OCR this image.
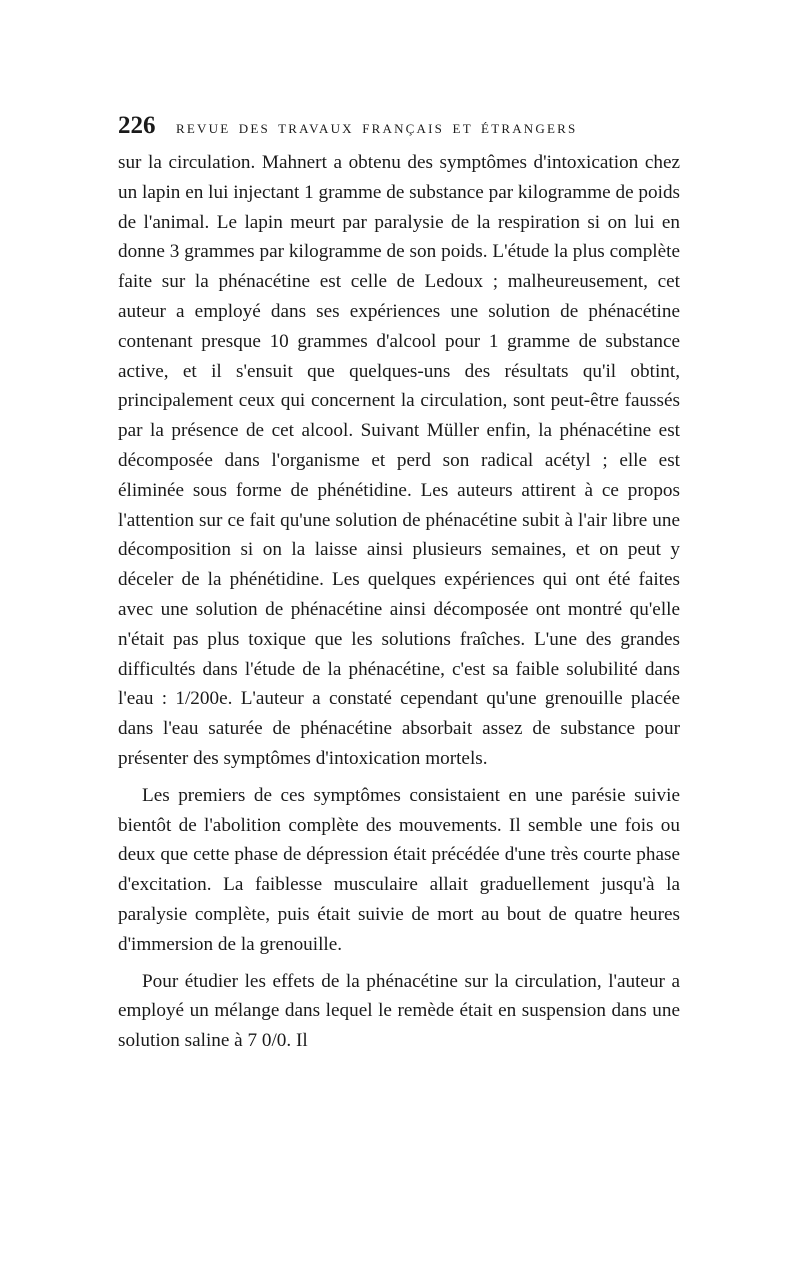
226	REVUE DES TRAVAUX FRANÇAIS ET ÉTRANGERS

sur la circulation. Mahnert a obtenu des symptômes d'intoxication chez un lapin en lui injectant 1 gramme de substance par kilogramme de poids de l'animal. Le lapin meurt par paralysie de la respiration si on lui en donne 3 grammes par kilogramme de son poids. L'étude la plus complète faite sur la phénacétine est celle de Ledoux ; malheureusement, cet auteur a employé dans ses expériences une solution de phénacétine contenant presque 10 grammes d'alcool pour 1 gramme de substance active, et il s'ensuit que quelques-uns des résultats qu'il obtint, principalement ceux qui concernent la circulation, sont peut-être faussés par la présence de cet alcool. Suivant Müller enfin, la phénacétine est décomposée dans l'organisme et perd son radical acétyl ; elle est éliminée sous forme de phénétidine. Les auteurs attirent à ce propos l'attention sur ce fait qu'une solution de phénacétine subit à l'air libre une décomposition si on la laisse ainsi plusieurs semaines, et on peut y déceler de la phénétidine. Les quelques expériences qui ont été faites avec une solution de phénacétine ainsi décomposée ont montré qu'elle n'était pas plus toxique que les solutions fraîches. L'une des grandes difficultés dans l'étude de la phénacétine, c'est sa faible solubilité dans l'eau : 1/200e. L'auteur a constaté cependant qu'une grenouille placée dans l'eau saturée de phénacétine absorbait assez de substance pour présenter des symptômes d'intoxication mortels.

Les premiers de ces symptômes consistaient en une parésie suivie bientôt de l'abolition complète des mouvements. Il semble une fois ou deux que cette phase de dépression était précédée d'une très courte phase d'excitation. La faiblesse musculaire allait graduellement jusqu'à la paralysie complète, puis était suivie de mort au bout de quatre heures d'immersion de la grenouille.

Pour étudier les effets de la phénacétine sur la circulation, l'auteur a employé un mélange dans lequel le remède était en suspension dans une solution saline à 7 0/0. Il
